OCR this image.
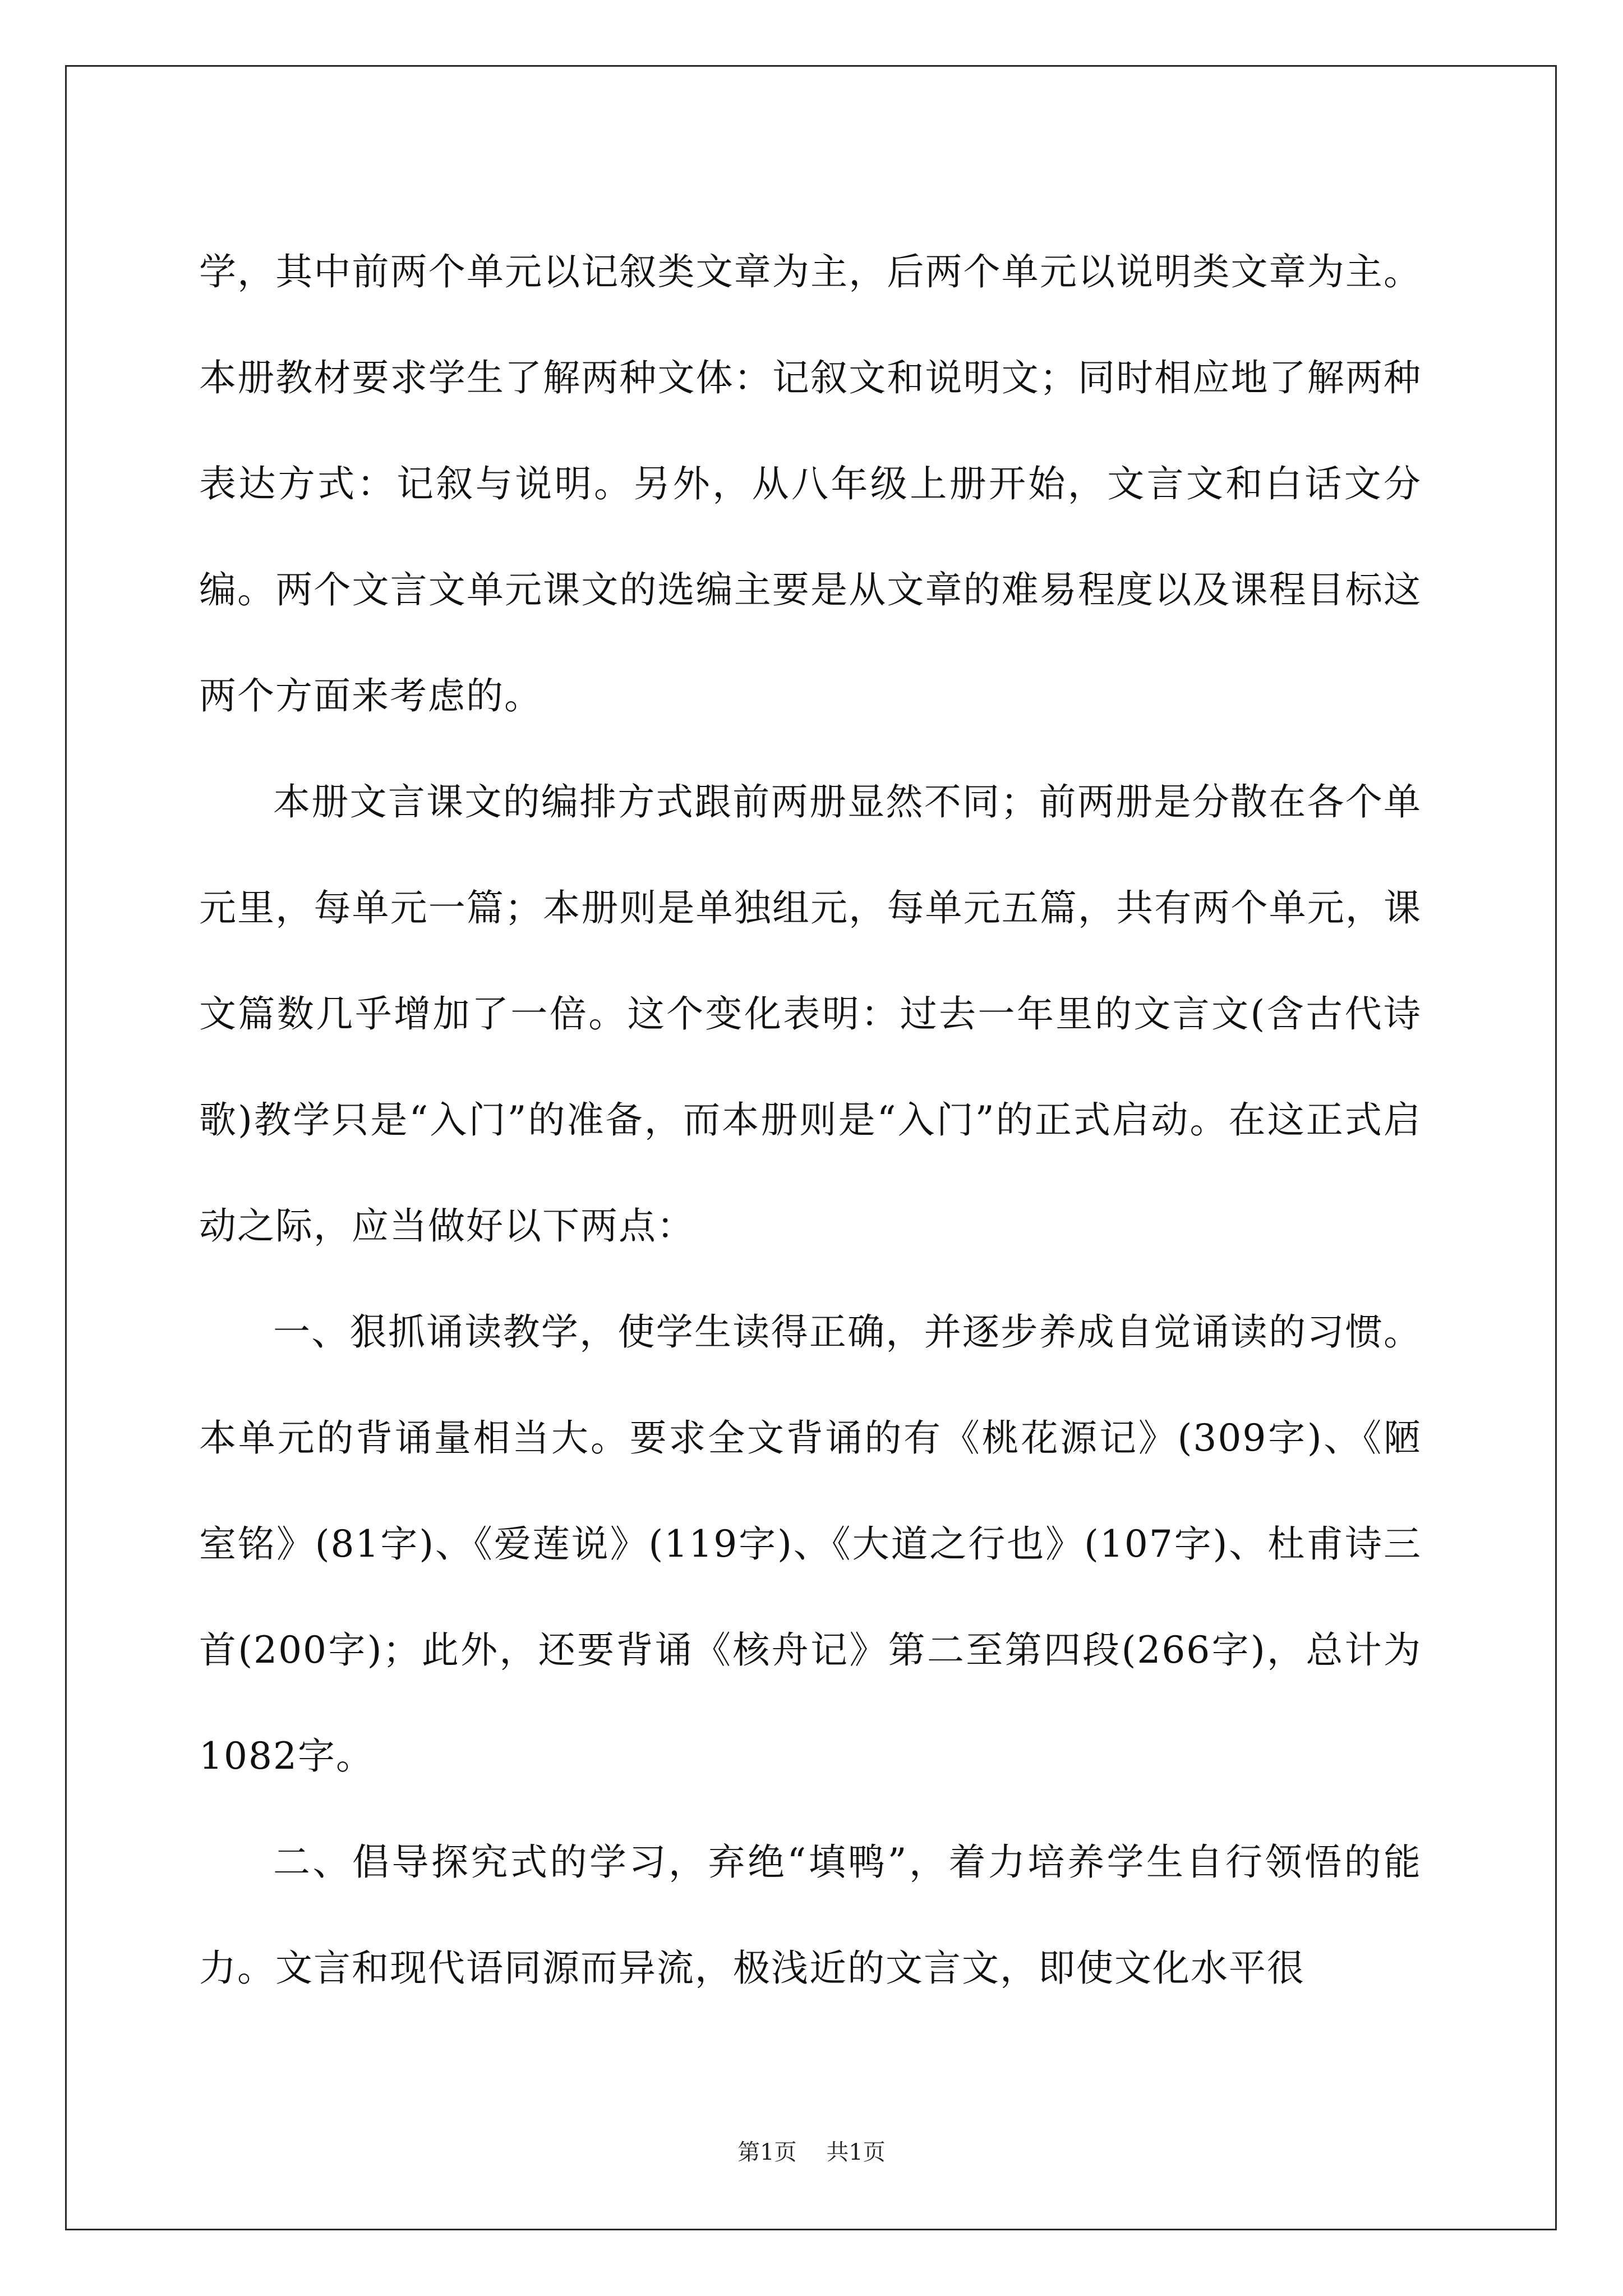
学，其中前两个单元以记叙类文章为主，后两个单元以说明类文章为主。本册教材要求学生了解两种文体：记叙文和说明文；同时相应地了解两种表达方式：记叙与说明。另外，从八年级上册开始，文言文和白话文分编。两个文言文单元课文的选编主要是从文章的难易程度以及课程目标这两个方面来考虑的。

本册文言课文的编排方式跟前两册显然不同；前两册是分散在各个单元里，每单元一篇；本册则是单独组元，每单元五篇，共有两个单元，课文篇数几乎增加了一倍。这个变化表明：过去一年里的文言文(含古代诗歌)教学只是“入门”的准备，而本册则是“入门”的正式启动。在这正式启动之际，应当做好以下两点：

一、狠抓诵读教学，使学生读得正确，并逐步养成自觉诵读的习惯。本单元的背诵量相当大。要求全文背诵的有《桃花源记》(309字)、《陋室铭》(81字)、《爱莲说》(119字)、《大道之行也》(107字)、杜甫诗三首(200字)；此外，还要背诵《核舟记》第二至第四段(266字)，总计为1082字。

二、倡导探究式的学习，弃绝“填鸭”，着力培养学生自行领悟的能力。文言和现代语同源而异流，极浅近的文言文，即使文化水平很

第1页 共1页
